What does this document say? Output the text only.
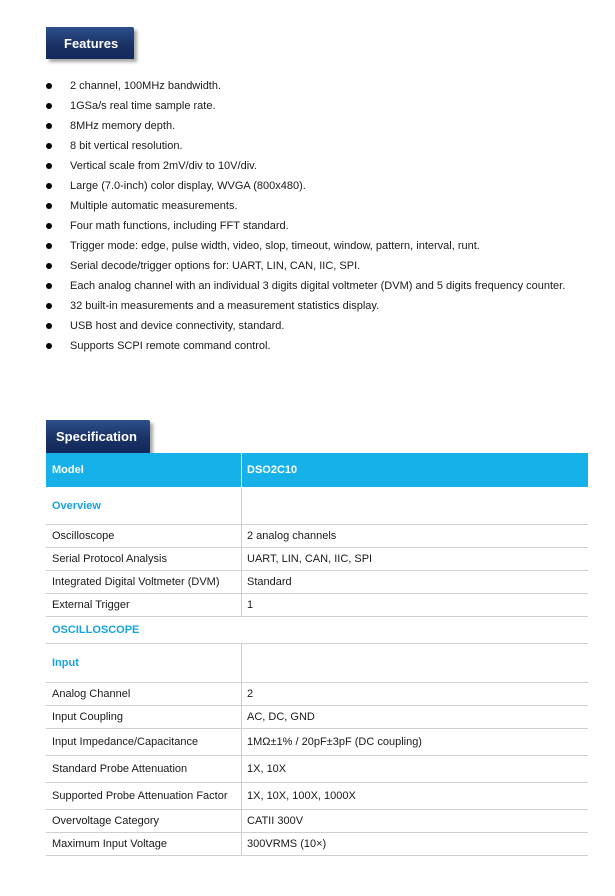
Features
2 channel, 100MHz bandwidth.
1GSa/s real time sample rate.
8MHz memory depth.
8 bit vertical resolution.
Vertical scale from 2mV/div to 10V/div.
Large (7.0-inch) color display, WVGA (800x480).
Multiple automatic measurements.
Four math functions, including FFT standard.
Trigger mode: edge, pulse width, video, slop, timeout, window, pattern, interval, runt.
Serial decode/trigger options for: UART, LIN, CAN, IIC, SPI.
Each analog channel with an individual 3 digits digital voltmeter (DVM) and 5 digits frequency counter.
32 built-in measurements and a measurement statistics display.
USB host and device connectivity, standard.
Supports SCPI remote command control.
Specification
Model	DSO2C10
Overview
Oscilloscope	2 analog channels
Serial Protocol Analysis	UART, LIN, CAN, IIC, SPI
Integrated Digital Voltmeter (DVM)	Standard
External Trigger	1
OSCILLOSCOPE
Input
Analog Channel	2
Input Coupling	AC, DC, GND
Input Impedance/Capacitance	1MΩ±1% / 20pF±3pF (DC coupling)
Standard Probe Attenuation	1X, 10X
Supported Probe Attenuation Factor	1X, 10X, 100X, 1000X
Overvoltage Category	CATII 300V
Maximum Input Voltage	300VRMS (10×)
